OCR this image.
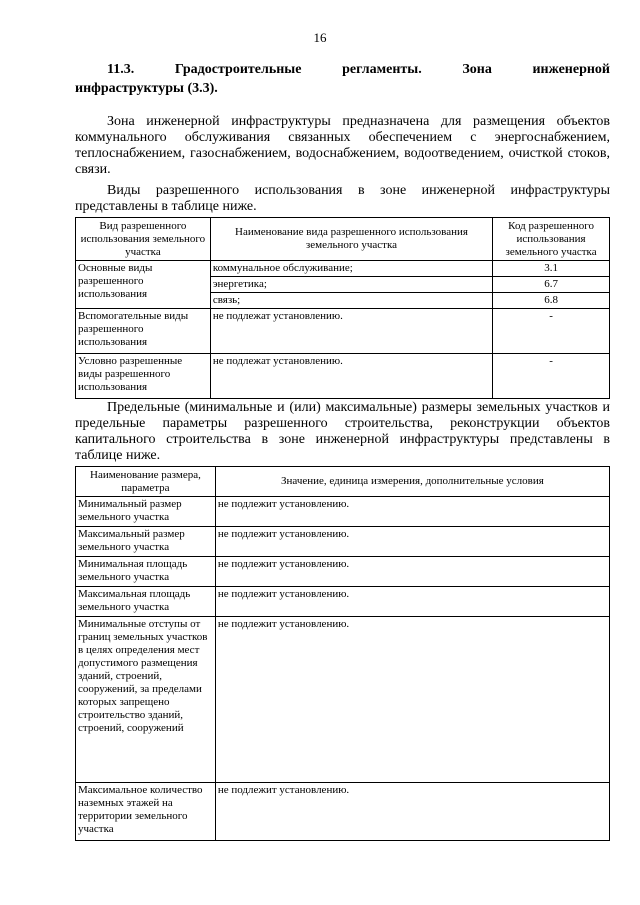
16
11.3.	Градостроительные	регламенты.	Зона	инженерной
инфраструктуры (3.3).
Зона инженерной инфраструктуры предназначена для размещения объектов коммунального обслуживания связанных обеспечением с энергоснабжением, теплоснабжением, газоснабжением, водоснабжением, водоотведением, очисткой стоков, связи.
Виды разрешенного использования в зоне инженерной инфраструктуры представлены в таблице ниже.
Вид разрешенного использования земельного участка	Наименование вида разрешенного использования земельного участка	Код разрешенного использования земельного участка
Основные виды разрешенного использования	коммунальное обслуживание;	3.1
	энергетика;	6.7
	связь;	6.8
Вспомогательные виды разрешенного использования	не подлежат установлению.	-
Условно разрешенные виды разрешенного использования	не подлежат установлению.	-
Предельные (минимальные и (или) максимальные) размеры земельных участков и предельные параметры разрешенного строительства, реконструкции объектов капитального строительства в зоне инженерной инфраструктуры представлены в таблице ниже.
Наименование размера, параметра	Значение, единица измерения, дополнительные условия
Минимальный размер земельного участка	не подлежит установлению.
Максимальный размер земельного участка	не подлежит установлению.
Минимальная площадь земельного участка	не подлежит установлению.
Максимальная площадь земельного участка	не подлежит установлению.
Минимальные отступы от границ земельных участков в целях определения мест допустимого размещения зданий, строений, сооружений, за пределами которых запрещено строительство зданий, строений, сооружений	не подлежит установлению.
Максимальное количество наземных этажей на территории земельного участка	не подлежит установлению.
